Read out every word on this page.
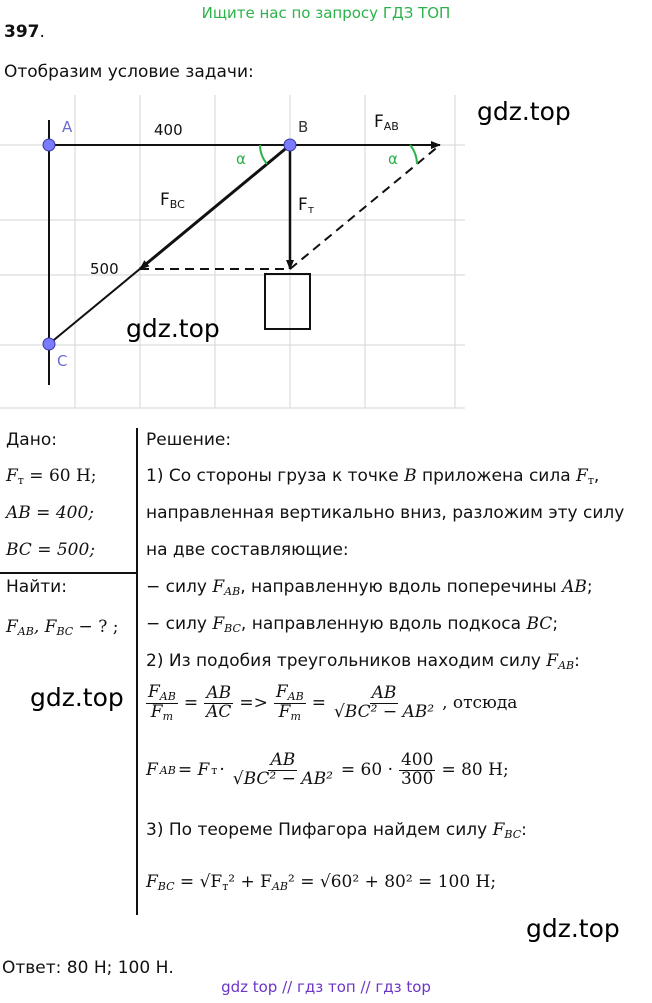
Ищите нас по запросу ГДЗ ТОП
397.
Отобразим условие задачи:
A	B
C
400
500
α	α
$F_{AB}$
$F_{BC}$	$F_т$
gdz.top
gdz.top
gdz.top
gdz.top
Дано:
$F_т = 60$ Н;
AB = 400;
BC = 500;
Найти:
$F_{AB}$, $F_{BC}$ − ? ;
Решение:
1) Со стороны груза к точке B приложена сила $F_т$,
направленная вертикально вниз, разложим эту силу
на две составляющие:
− силу $F_{AB}$, направленную вдоль поперечины AB;
− силу $F_{BC}$, направленную вдоль подкоса BC;
2) Из подобия треугольников находим силу $F_{AB}$:
$\frac{F_{AB}}{F_т} = \frac{AB}{AC} => \frac{F_{AB}}{F_т} = \frac{AB}{\text{√BC² − AB²}}$ , отсюда
F AB = F $т \cdot \frac{AB}{\text{√BC² − AB²}} = 60 \cdot \frac{400}{300} = 80$ Н;
3) По теореме Пифагора найдем силу $F_{BC}$:
$F_{BC} = √F_т^2 + F_{AB}^2 = √60^2 + 80^2 = 100$ Н;
Ответ: 80 Н; 100 Н.
gdz top // гдз топ // гдз top
